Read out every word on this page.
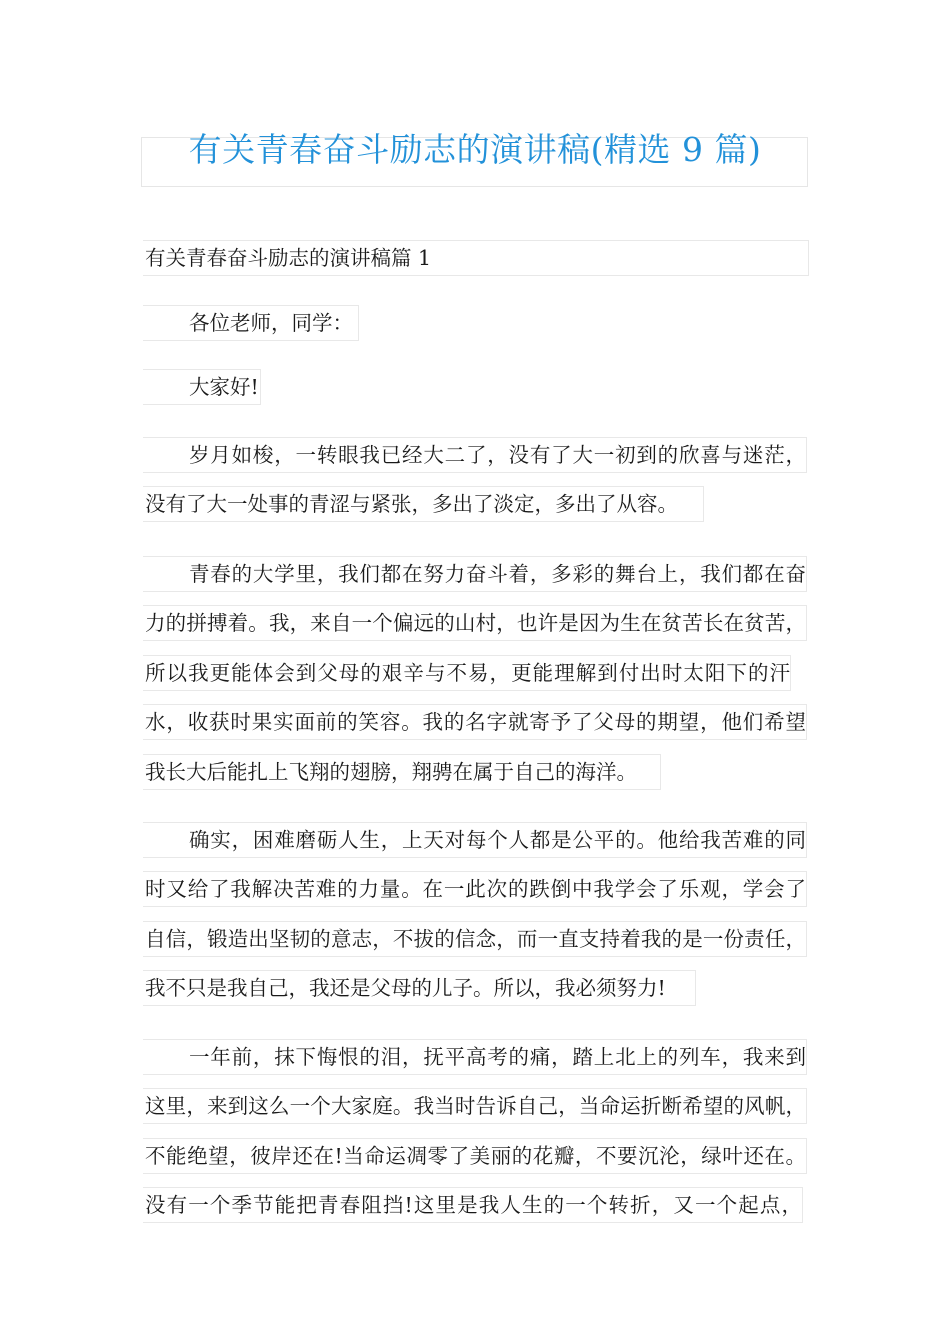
有关青春奋斗励志的演讲稿(精选 9 篇)
有关青春奋斗励志的演讲稿篇 1
各位老师，同学：
大家好!
岁月如梭，一转眼我已经大二了，没有了大一初到的欣喜与迷茫，
没有了大一处事的青涩与紧张，多出了淡定，多出了从容。
青春的大学里，我们都在努力奋斗着，多彩的舞台上，我们都在奋
力的拼搏着。我，来自一个偏远的山村，也许是因为生在贫苦长在贫苦，
所以我更能体会到父母的艰辛与不易，更能理解到付出时太阳下的汗
水，收获时果实面前的笑容。我的名字就寄予了父母的期望，他们希望
我长大后能扎上飞翔的翅膀，翔骋在属于自己的海洋。
确实，困难磨砺人生，上天对每个人都是公平的。他给我苦难的同
时又给了我解决苦难的力量。在一此次的跌倒中我学会了乐观，学会了
自信，锻造出坚韧的意志，不拔的信念，而一直支持着我的是一份责任，
我不只是我自己，我还是父母的儿子。所以，我必须努力!
一年前，抹下悔恨的泪，抚平高考的痛，踏上北上的列车，我来到
这里，来到这么一个大家庭。我当时告诉自己，当命运折断希望的风帆，
不能绝望，彼岸还在!当命运凋零了美丽的花瓣，不要沉沦，绿叶还在。
没有一个季节能把青春阻挡!这里是我人生的一个转折，又一个起点，
